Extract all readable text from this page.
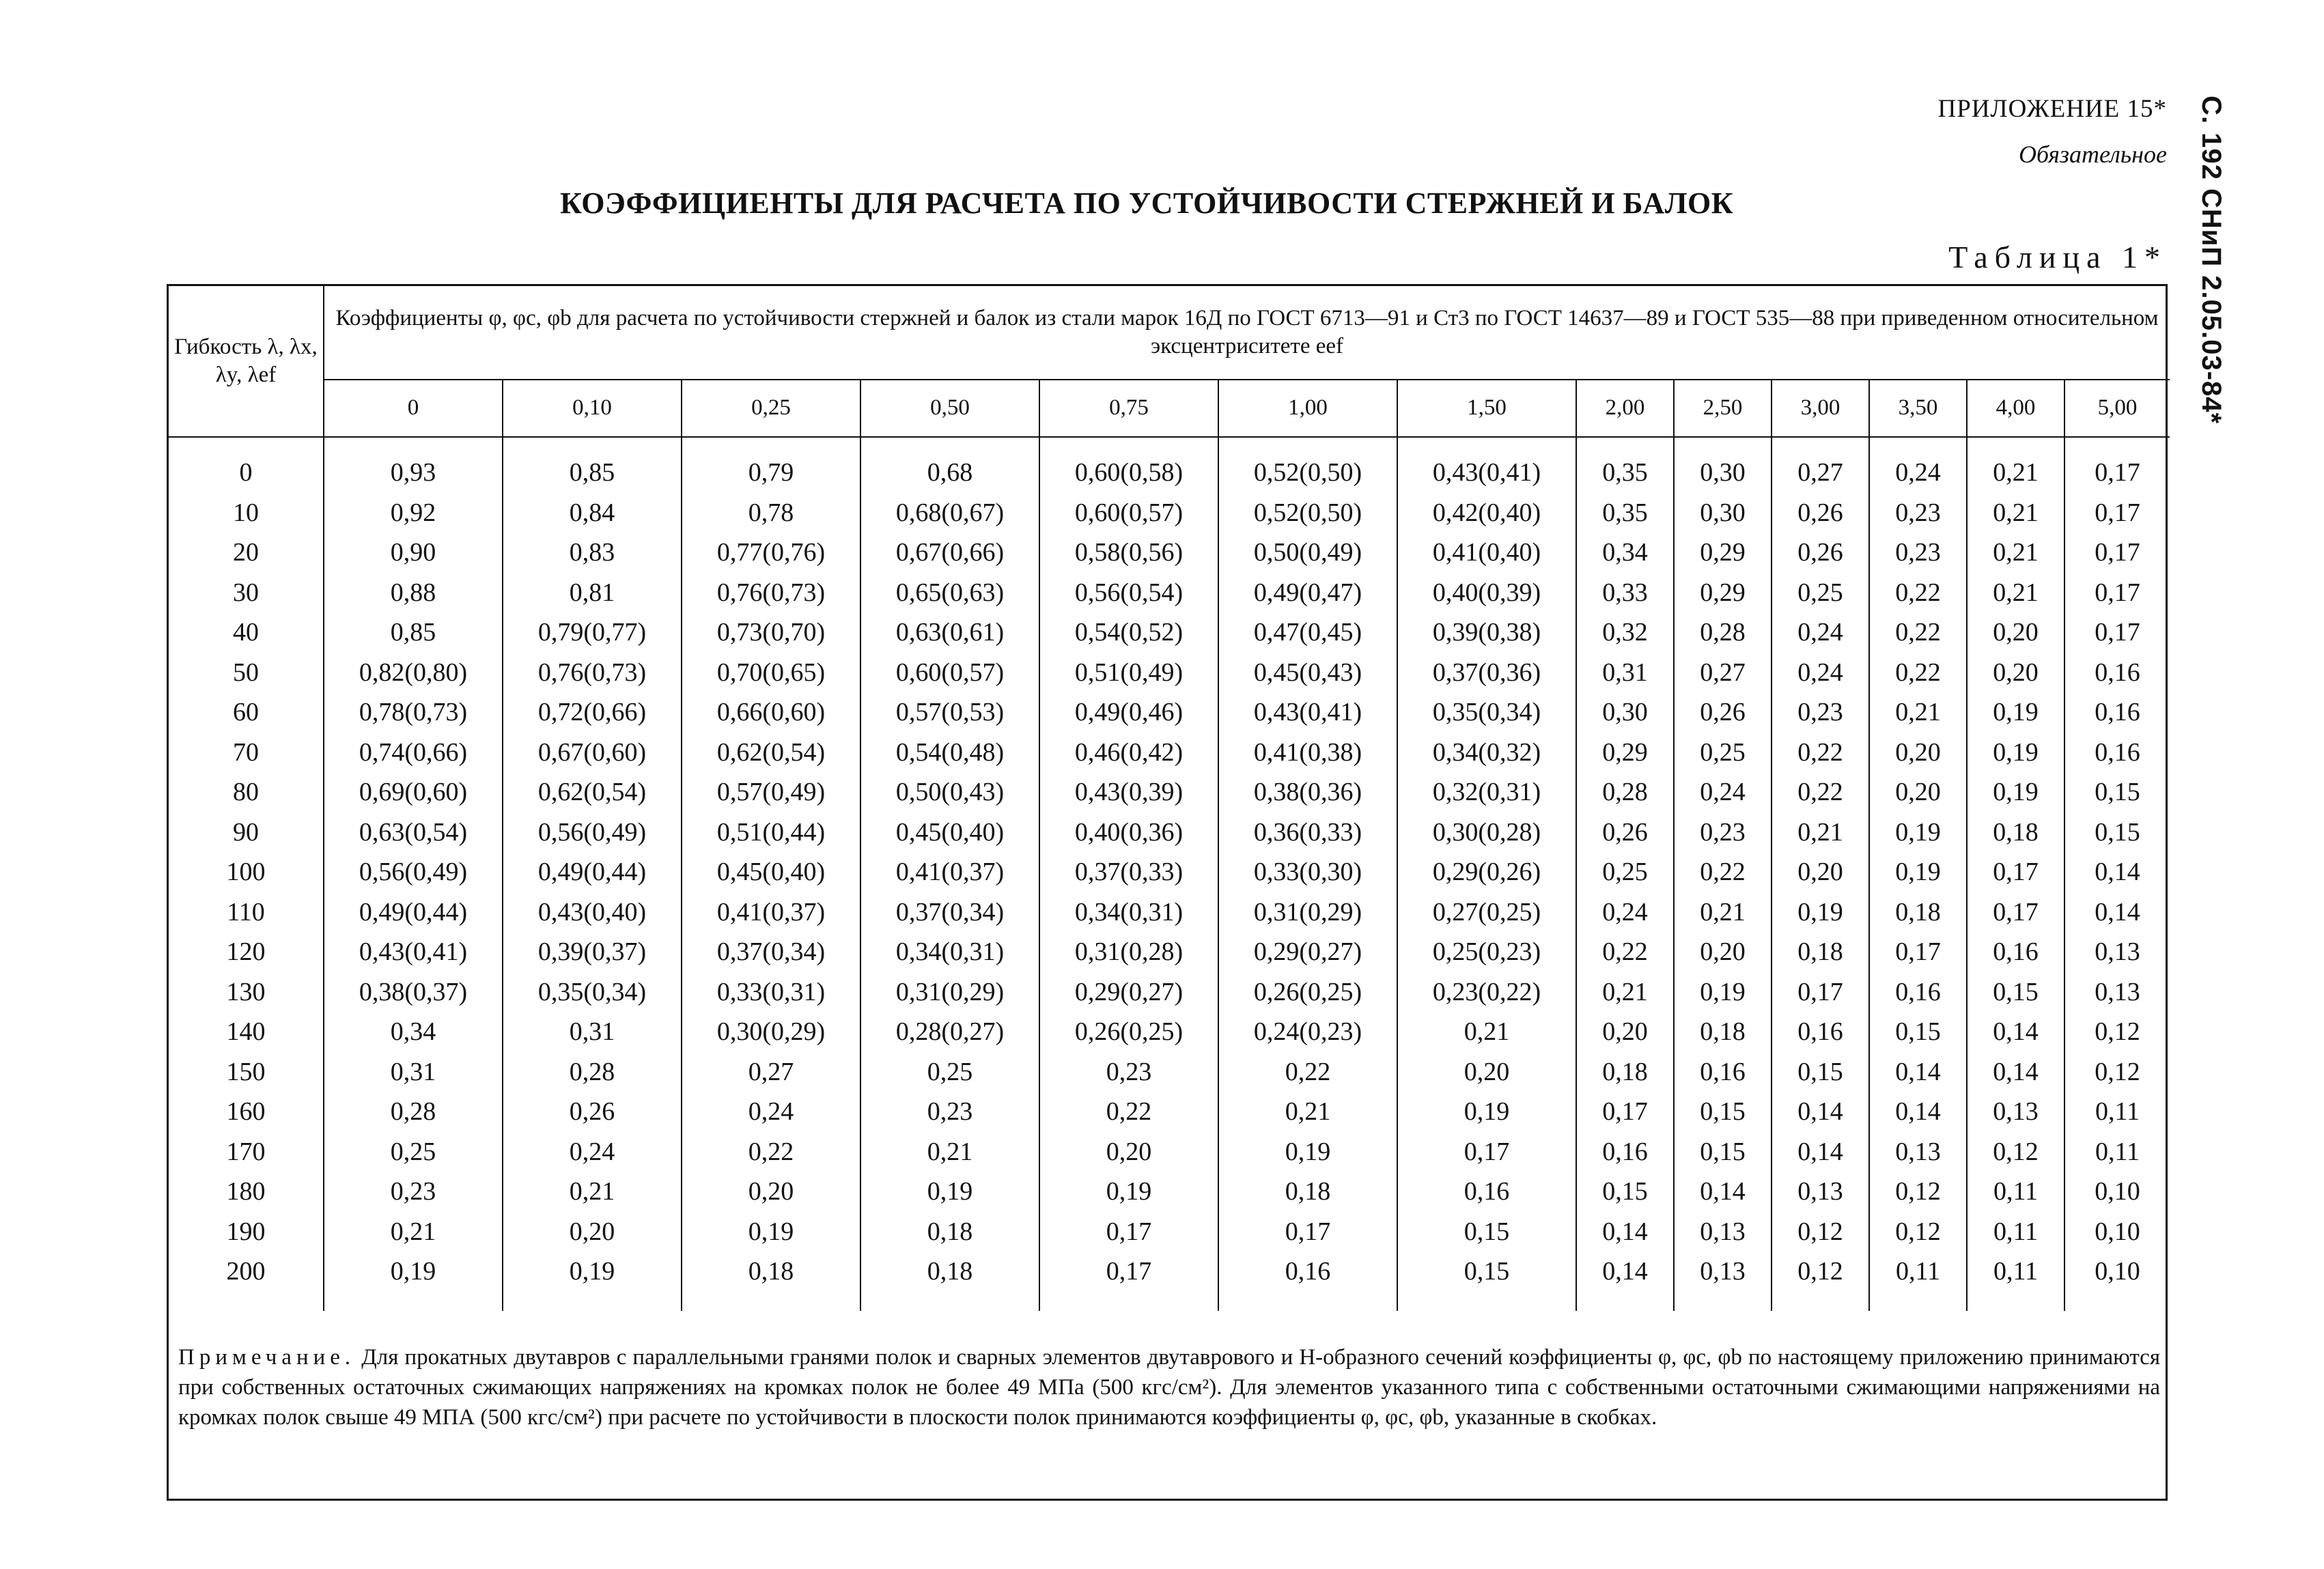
ПРИЛОЖЕНИЕ 15*
Обязательное	С. 192 СНиП 2.05.03-84*
КОЭФФИЦИЕНТЫ ДЛЯ РАСЧЕТА ПО УСТОЙЧИВОСТИ СТЕРЖНЕЙ И БАЛОК
Таблица 1*
Гибкость λ, λx, λy, λef	Коэффициенты φ, φc, φb для расчета по устойчивости стержней и балок из стали марок 16Д по ГОСТ 6713—91 и Ст3 по ГОСТ 14637—89 и ГОСТ 535—88 при приведенном относительном эксцентриситете eef												
	0	0,10	0,25	0,50	0,75	1,00	1,50	2,00	2,50	3,00	3,50	4,00	5,00
0	0,93	0,85	0,79	0,68	0,60(0,58)	0,52(0,50)	0,43(0,41)	0,35	0,30	0,27	0,24	0,21	0,17
10	0,92	0,84	0,78	0,68(0,67)	0,60(0,57)	0,52(0,50)	0,42(0,40)	0,35	0,30	0,26	0,23	0,21	0,17
20	0,90	0,83	0,77(0,76)	0,67(0,66)	0,58(0,56)	0,50(0,49)	0,41(0,40)	0,34	0,29	0,26	0,23	0,21	0,17
30	0,88	0,81	0,76(0,73)	0,65(0,63)	0,56(0,54)	0,49(0,47)	0,40(0,39)	0,33	0,29	0,25	0,22	0,21	0,17
40	0,85	0,79(0,77)	0,73(0,70)	0,63(0,61)	0,54(0,52)	0,47(0,45)	0,39(0,38)	0,32	0,28	0,24	0,22	0,20	0,17
50	0,82(0,80)	0,76(0,73)	0,70(0,65)	0,60(0,57)	0,51(0,49)	0,45(0,43)	0,37(0,36)	0,31	0,27	0,24	0,22	0,20	0,16
60	0,78(0,73)	0,72(0,66)	0,66(0,60)	0,57(0,53)	0,49(0,46)	0,43(0,41)	0,35(0,34)	0,30	0,26	0,23	0,21	0,19	0,16
70	0,74(0,66)	0,67(0,60)	0,62(0,54)	0,54(0,48)	0,46(0,42)	0,41(0,38)	0,34(0,32)	0,29	0,25	0,22	0,20	0,19	0,16
80	0,69(0,60)	0,62(0,54)	0,57(0,49)	0,50(0,43)	0,43(0,39)	0,38(0,36)	0,32(0,31)	0,28	0,24	0,22	0,20	0,19	0,15
90	0,63(0,54)	0,56(0,49)	0,51(0,44)	0,45(0,40)	0,40(0,36)	0,36(0,33)	0,30(0,28)	0,26	0,23	0,21	0,19	0,18	0,15
100	0,56(0,49)	0,49(0,44)	0,45(0,40)	0,41(0,37)	0,37(0,33)	0,33(0,30)	0,29(0,26)	0,25	0,22	0,20	0,19	0,17	0,14
110	0,49(0,44)	0,43(0,40)	0,41(0,37)	0,37(0,34)	0,34(0,31)	0,31(0,29)	0,27(0,25)	0,24	0,21	0,19	0,18	0,17	0,14
120	0,43(0,41)	0,39(0,37)	0,37(0,34)	0,34(0,31)	0,31(0,28)	0,29(0,27)	0,25(0,23)	0,22	0,20	0,18	0,17	0,16	0,13
130	0,38(0,37)	0,35(0,34)	0,33(0,31)	0,31(0,29)	0,29(0,27)	0,26(0,25)	0,23(0,22)	0,21	0,19	0,17	0,16	0,15	0,13
140	0,34	0,31	0,30(0,29)	0,28(0,27)	0,26(0,25)	0,24(0,23)	0,21	0,20	0,18	0,16	0,15	0,14	0,12
150	0,31	0,28	0,27	0,25	0,23	0,22	0,20	0,18	0,16	0,15	0,14	0,14	0,12
160	0,28	0,26	0,24	0,23	0,22	0,21	0,19	0,17	0,15	0,14	0,14	0,13	0,11
170	0,25	0,24	0,22	0,21	0,20	0,19	0,17	0,16	0,15	0,14	0,13	0,12	0,11
180	0,23	0,21	0,20	0,19	0,19	0,18	0,16	0,15	0,14	0,13	0,12	0,11	0,10
190	0,21	0,20	0,19	0,18	0,17	0,17	0,15	0,14	0,13	0,12	0,12	0,11	0,10
200	0,19	0,19	0,18	0,18	0,17	0,16	0,15	0,14	0,13	0,12	0,11	0,11	0,10
Примечание. Для прокатных двутавров с параллельными гранями полок и сварных элементов двутаврового и Н-образного сечений коэффициенты φ, φc, φb по настоящему приложению принимаются при собственных остаточных сжимающих напряжениях на кромках полок не более 49 МПа (500 кгс/см²). Для элементов указанного типа с собственными остаточными сжимающими напряжениями на кромках полок свыше 49 МПА (500 кгс/см²) при расчете по устойчивости в плоскости полок принимаются коэффициенты φ, φc, φb, указанные в скобках.
